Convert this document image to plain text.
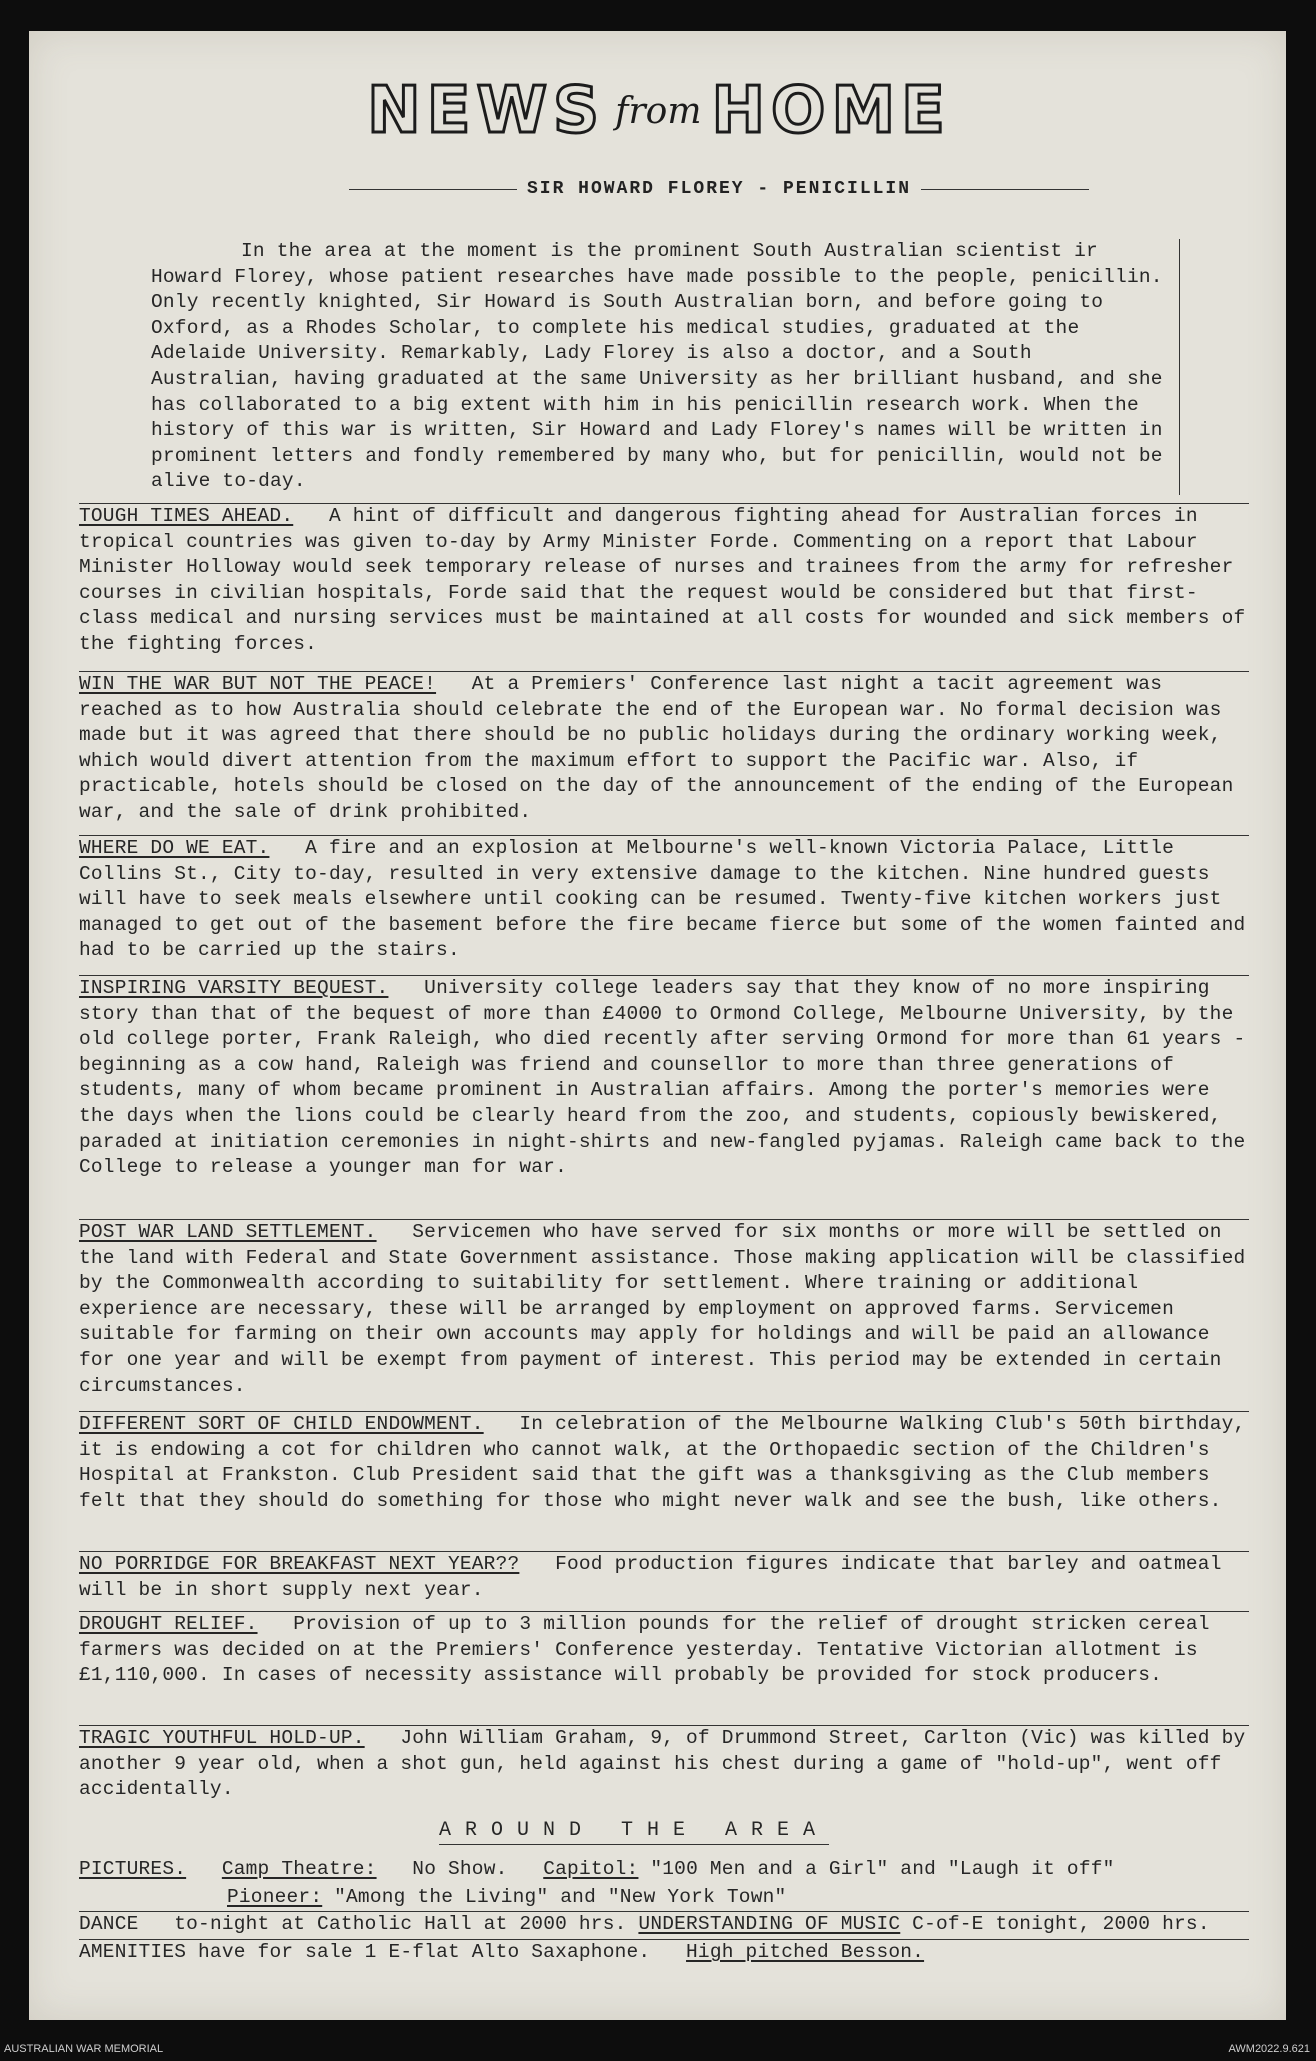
NEWS from HOME
SIR HOWARD FLOREY - PENICILLIN
In the area at the moment is the prominent South Australian scientist ir Howard Florey, whose patient researches have made possible to the people, penicillin. Only recently knighted, Sir Howard is South Australian born, and before going to Oxford, as a Rhodes Scholar, to complete his medical studies, graduated at the Adelaide University. Remarkably, Lady Florey is also a doctor, and a South Australian, having graduated at the same University as her brilliant husband, and she has collaborated to a big extent with him in his penicillin research work. When the history of this war is written, Sir Howard and Lady Florey's names will be written in prominent letters and fondly remembered by many who, but for penicillin, would not be alive to-day.
TOUGH TIMES AHEAD. A hint of difficult and dangerous fighting ahead for Australian forces in tropical countries was given to-day by Army Minister Forde. Commenting on a report that Labour Minister Holloway would seek temporary release of nurses and trainees from the army for refresher courses in civilian hospitals, Forde said that the request would be considered but that first-class medical and nursing services must be maintained at all costs for wounded and sick members of the fighting forces.
WIN THE WAR BUT NOT THE PEACE! At a Premiers' Conference last night a tacit agreement was reached as to how Australia should celebrate the end of the European war. No formal decision was made but it was agreed that there should be no public holidays during the ordinary working week, which would divert attention from the maximum effort to support the Pacific war. Also, if practicable, hotels should be closed on the day of the announcement of the ending of the European war, and the sale of drink prohibited.
WHERE DO WE EAT. A fire and an explosion at Melbourne's well-known Victoria Palace, Little Collins St., City to-day, resulted in very extensive damage to the kitchen. Nine hundred guests will have to seek meals elsewhere until cooking can be resumed. Twenty-five kitchen workers just managed to get out of the basement before the fire became fierce but some of the women fainted and had to be carried up the stairs.
INSPIRING VARSITY BEQUEST. University college leaders say that they know of no more inspiring story than that of the bequest of more than £4000 to Ormond College, Melbourne University, by the old college porter, Frank Raleigh, who died recently after serving Ormond for more than 61 years - beginning as a cow hand, Raleigh was friend and counsellor to more than three generations of students, many of whom became prominent in Australian affairs. Among the porter's memories were the days when the lions could be clearly heard from the zoo, and students, copiously bewiskered, paraded at initiation ceremonies in night-shirts and new-fangled pyjamas. Raleigh came back to the College to release a younger man for war.
POST WAR LAND SETTLEMENT. Servicemen who have served for six months or more will be settled on the land with Federal and State Government assistance. Those making application will be classified by the Commonwealth according to suitability for settlement. Where training or additional experience are necessary, these will be arranged by employment on approved farms. Servicemen suitable for farming on their own accounts may apply for holdings and will be paid an allowance for one year and will be exempt from payment of interest. This period may be extended in certain circumstances.
DIFFERENT SORT OF CHILD ENDOWMENT. In celebration of the Melbourne Walking Club's 50th birthday, it is endowing a cot for children who cannot walk, at the Orthopaedic section of the Children's Hospital at Frankston. Club President said that the gift was a thanksgiving as the Club members felt that they should do something for those who might never walk and see the bush, like others.
NO PORRIDGE FOR BREAKFAST NEXT YEAR?? Food production figures indicate that barley and oatmeal will be in short supply next year.
DROUGHT RELIEF. Provision of up to 3 million pounds for the relief of drought stricken cereal farmers was decided on at the Premiers' Conference yesterday. Tentative Victorian allotment is £1,110,000. In cases of necessity assistance will probably be provided for stock producers.
TRAGIC YOUTHFUL HOLD-UP. John William Graham, 9, of Drummond Street, Carlton (Vic) was killed by another 9 year old, when a shot gun, held against his chest during a game of "hold-up", went off accidentally.
AROUND THE AREA
PICTURES. Camp Theatre: No Show. Capitol: "100 Men and a Girl" and "Laugh it off"
Pioneer: "Among the Living" and "New York Town"
DANCE to-night at Catholic Hall at 2000 hrs. UNDERSTANDING OF MUSIC C-of-E tonight, 2000 hrs.
AMENITIES have for sale 1 E-flat Alto Saxaphone. High pitched Besson.
AUSTRALIAN WAR MEMORIAL	AWM2022.9.621
